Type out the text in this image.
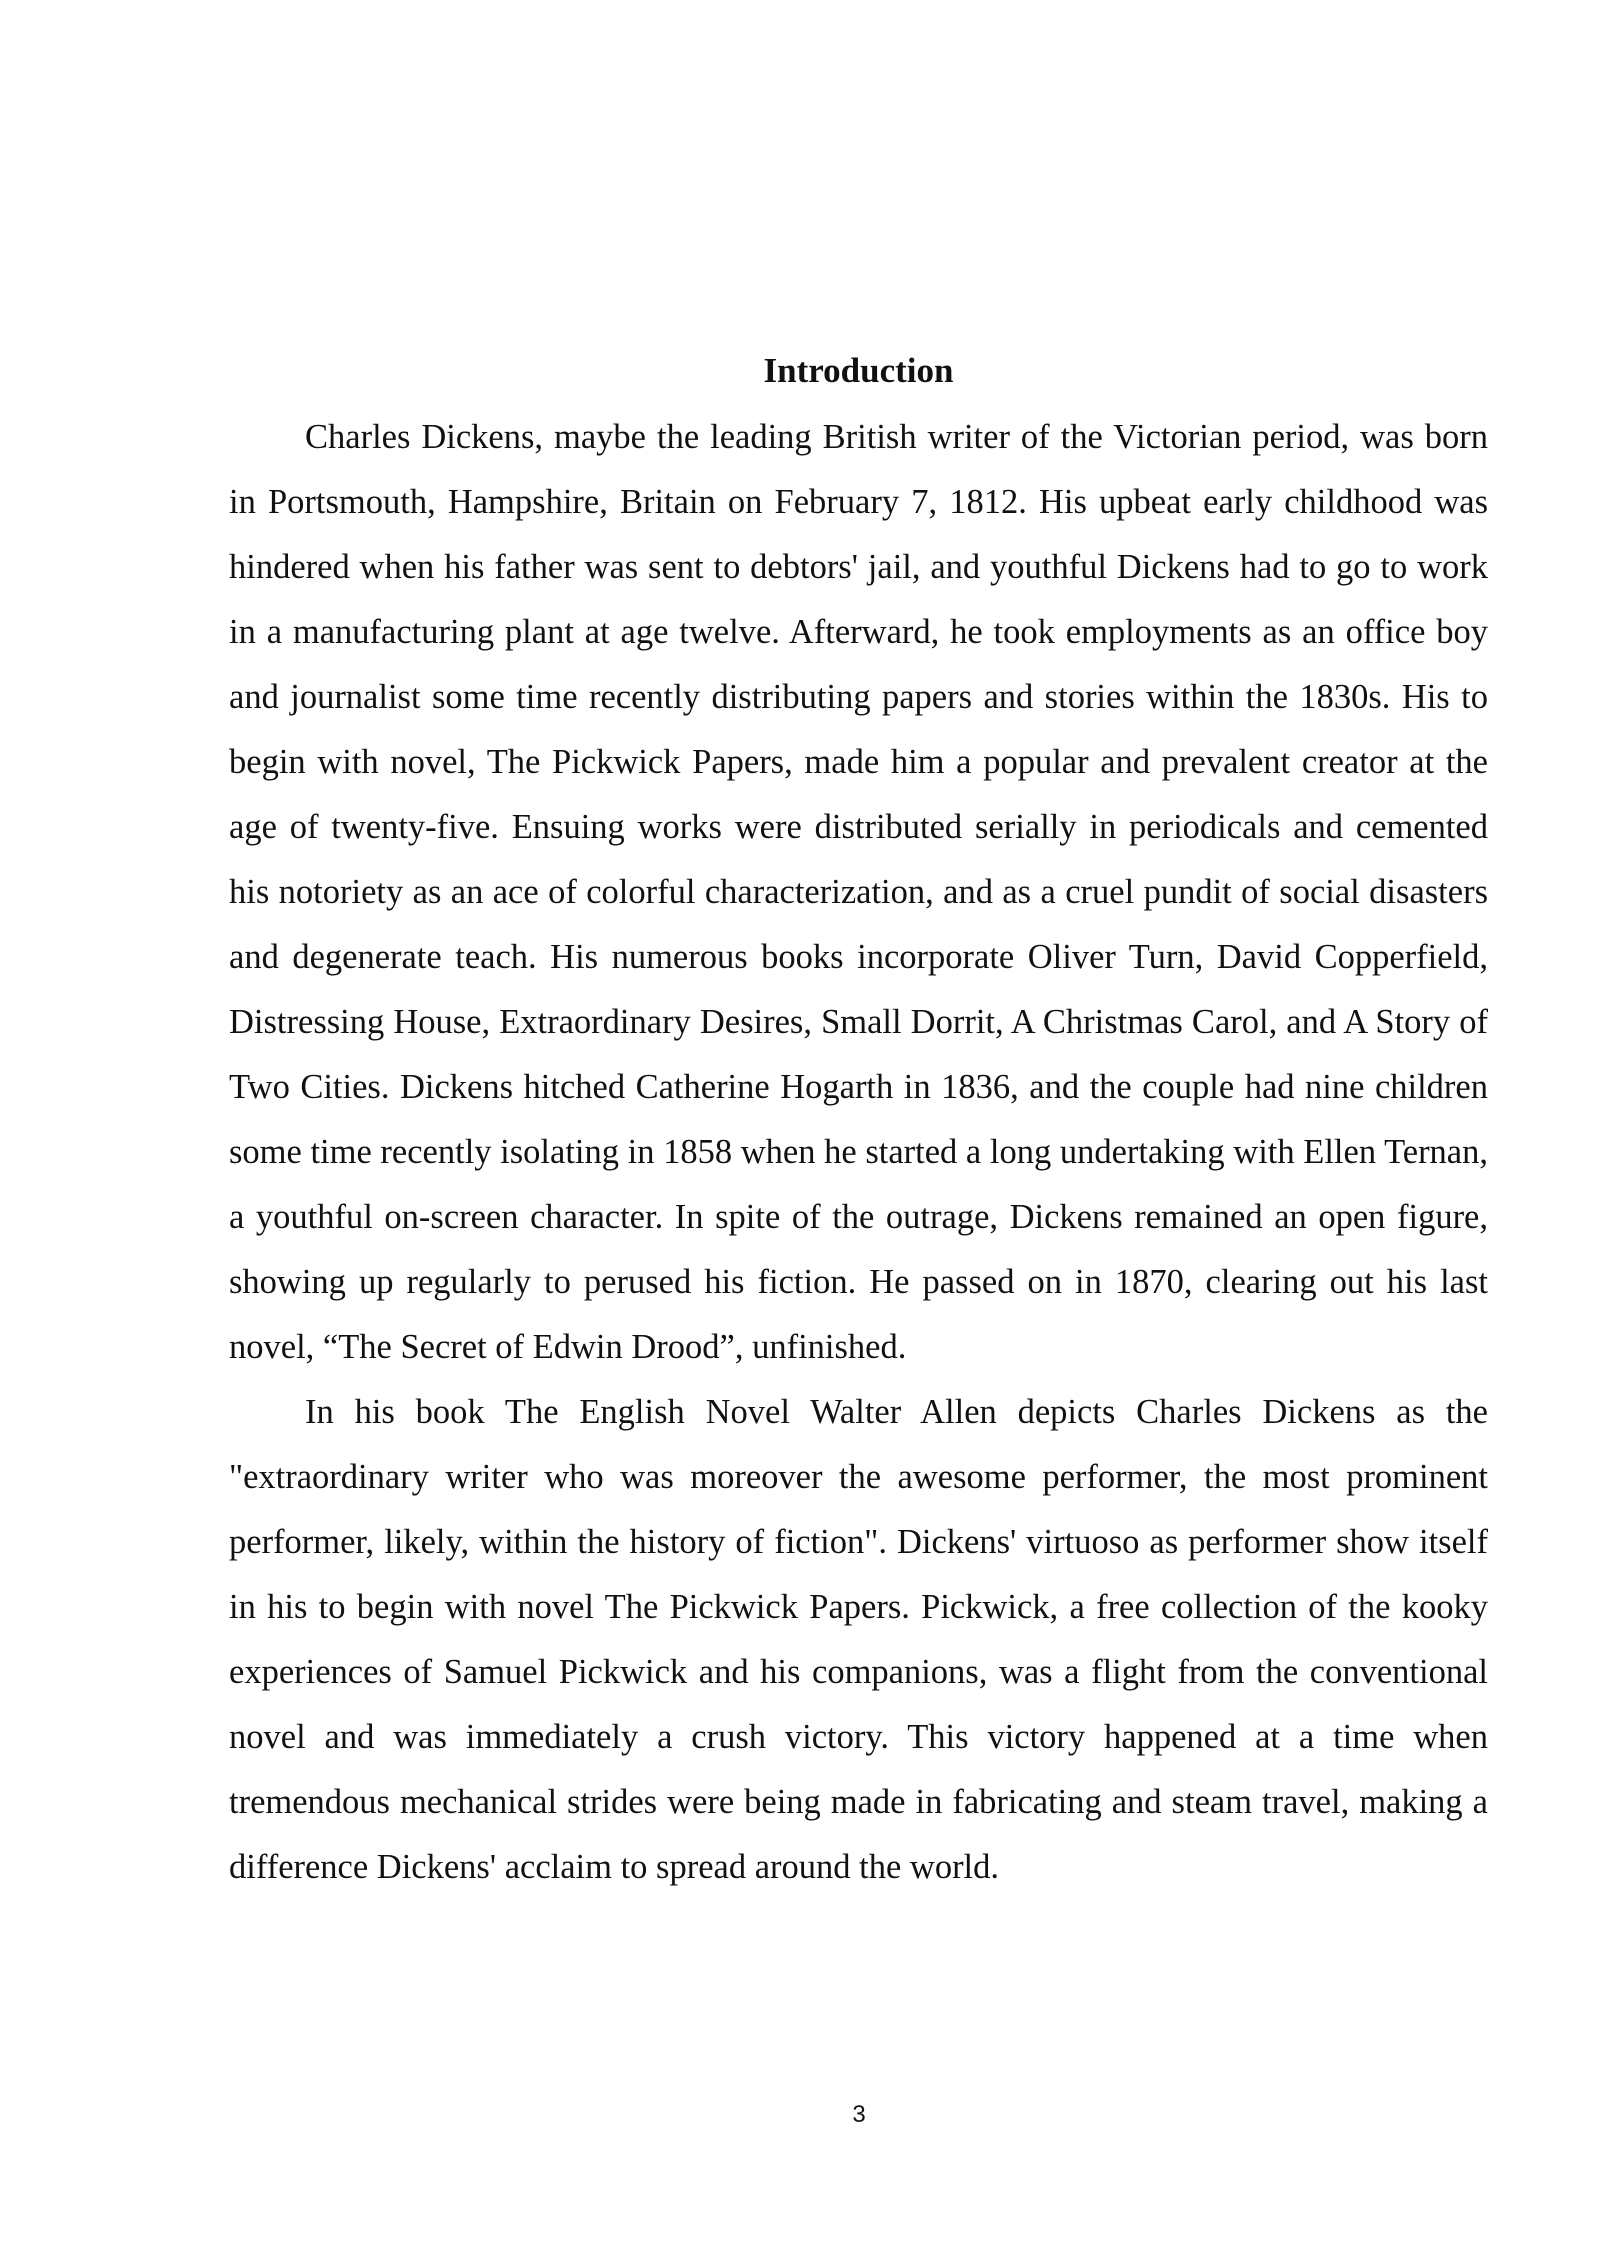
Introduction

Charles Dickens, maybe the leading British writer of the Victorian period, was born in Portsmouth, Hampshire, Britain on February 7, 1812. His upbeat early childhood was hindered when his father was sent to debtors' jail, and youthful Dickens had to go to work in a manufacturing plant at age twelve. Afterward, he took employments as an office boy and journalist some time recently distributing papers and stories within the 1830s. His to begin with novel, The Pickwick Papers, made him a popular and prevalent creator at the age of twenty-five. Ensuing works were distributed serially in periodicals and cemented his notoriety as an ace of colorful characterization, and as a cruel pundit of social disasters and degenerate teach. His numerous books incorporate Oliver Turn, David Copperfield, Distressing House, Extraordinary Desires, Small Dorrit, A Christmas Carol, and A Story of Two Cities. Dickens hitched Catherine Hogarth in 1836, and the couple had nine children some time recently isolating in 1858 when he started a long undertaking with Ellen Ternan, a youthful on-screen character. In spite of the outrage, Dickens remained an open figure, showing up regularly to perused his fiction. He passed on in 1870, clearing out his last novel, “The Secret of Edwin Drood”, unfinished.

In his book The English Novel Walter Allen depicts Charles Dickens as the "extraordinary writer who was moreover the awesome performer, the most prominent performer, likely, within the history of fiction". Dickens' virtuoso as performer show itself in his to begin with novel The Pickwick Papers. Pickwick, a free collection of the kooky experiences of Samuel Pickwick and his companions, was a flight from the conventional novel and was immediately a crush victory. This victory happened at a time when tremendous mechanical strides were being made in fabricating and steam travel, making a difference Dickens' acclaim to spread around the world.

3
